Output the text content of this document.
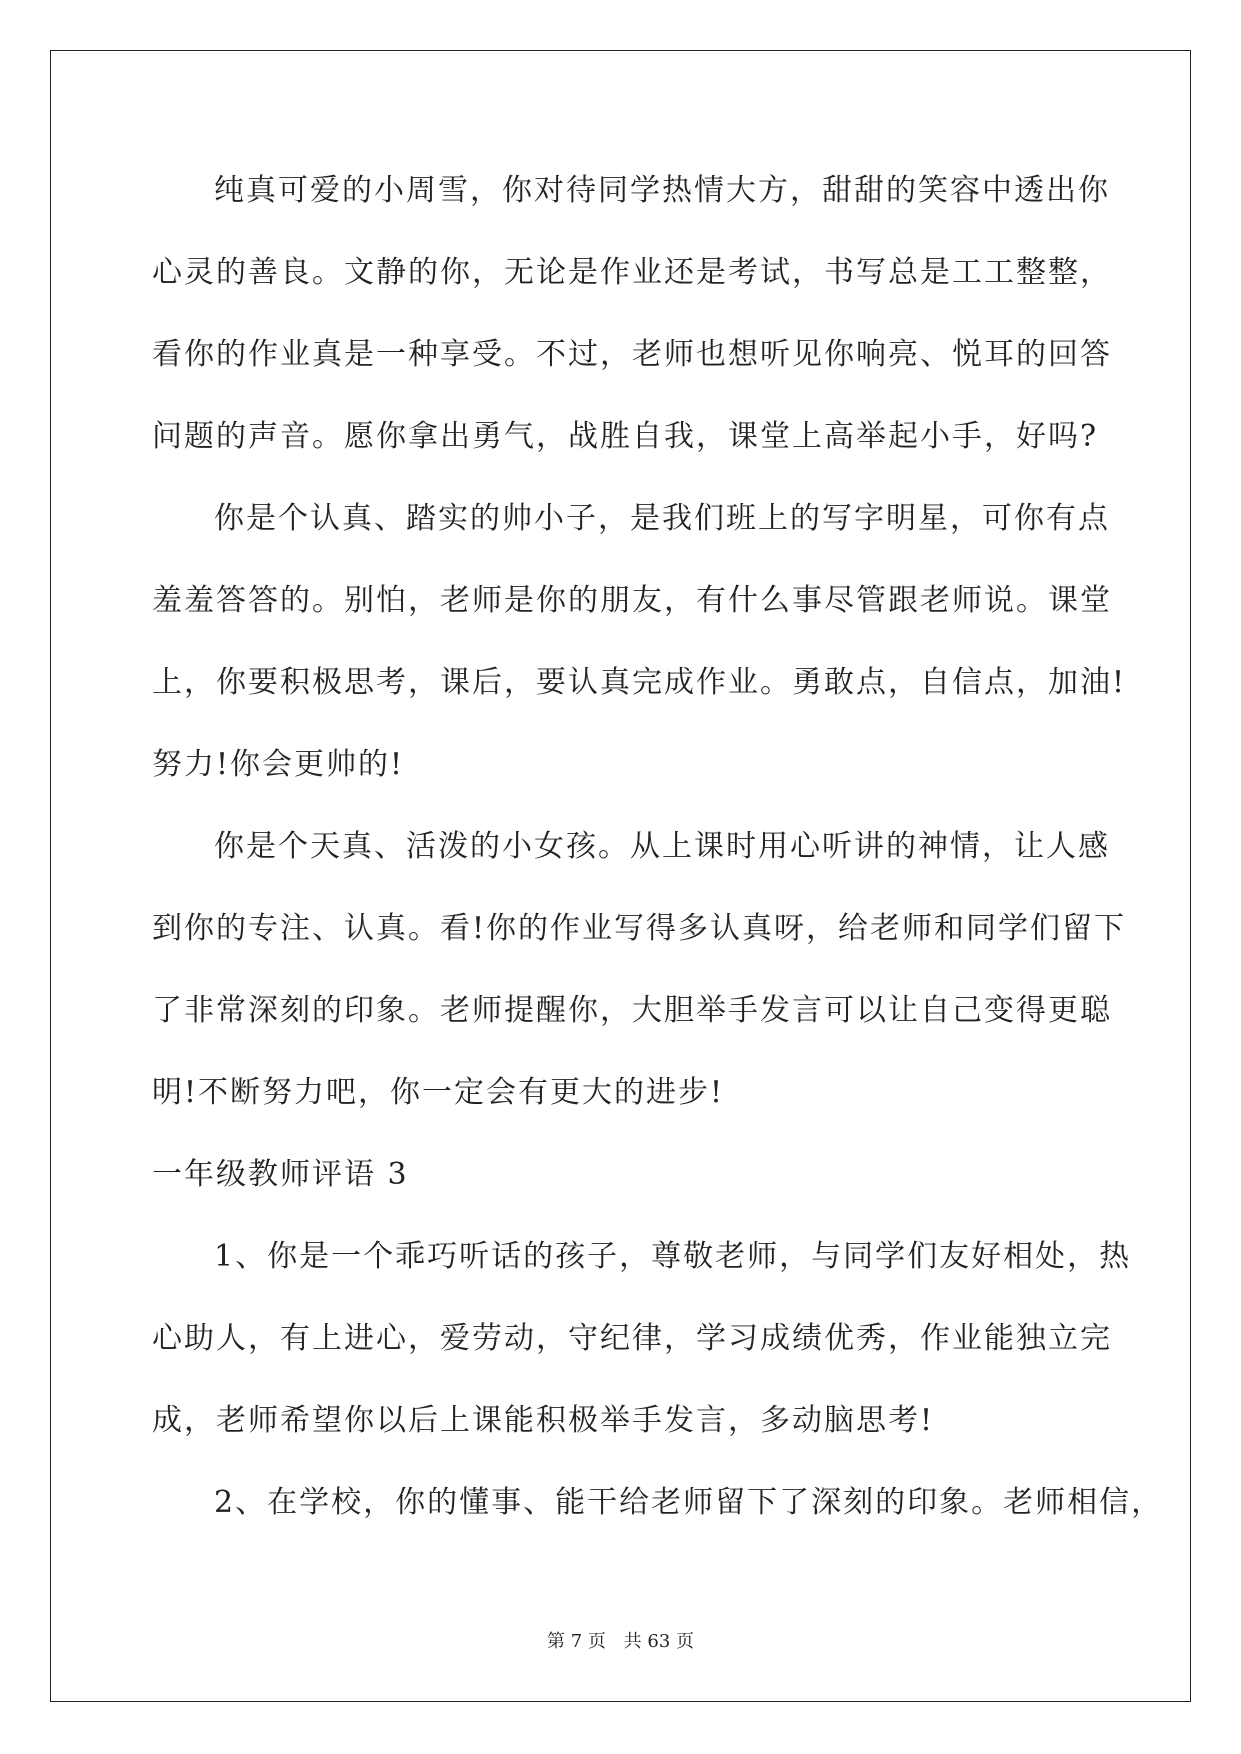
纯真可爱的小周雪，你对待同学热情大方，甜甜的笑容中透出你
心灵的善良。文静的你，无论是作业还是考试，书写总是工工整整，
看你的作业真是一种享受。不过，老师也想听见你响亮、悦耳的回答
问题的声音。愿你拿出勇气，战胜自我，课堂上高举起小手，好吗?
你是个认真、踏实的帅小子，是我们班上的写字明星，可你有点
羞羞答答的。别怕，老师是你的朋友，有什么事尽管跟老师说。课堂
上，你要积极思考，课后，要认真完成作业。勇敢点，自信点，加油!
努力!你会更帅的!
你是个天真、活泼的小女孩。从上课时用心听讲的神情，让人感
到你的专注、认真。看!你的作业写得多认真呀，给老师和同学们留下
了非常深刻的印象。老师提醒你，大胆举手发言可以让自己变得更聪
明!不断努力吧，你一定会有更大的进步!
一年级教师评语 3
1、你是一个乖巧听话的孩子，尊敬老师，与同学们友好相处，热
心助人，有上进心，爱劳动，守纪律，学习成绩优秀，作业能独立完
成，老师希望你以后上课能积极举手发言，多动脑思考!
2、在学校，你的懂事、能干给老师留下了深刻的印象。老师相信，
第 7 页 共 63 页
